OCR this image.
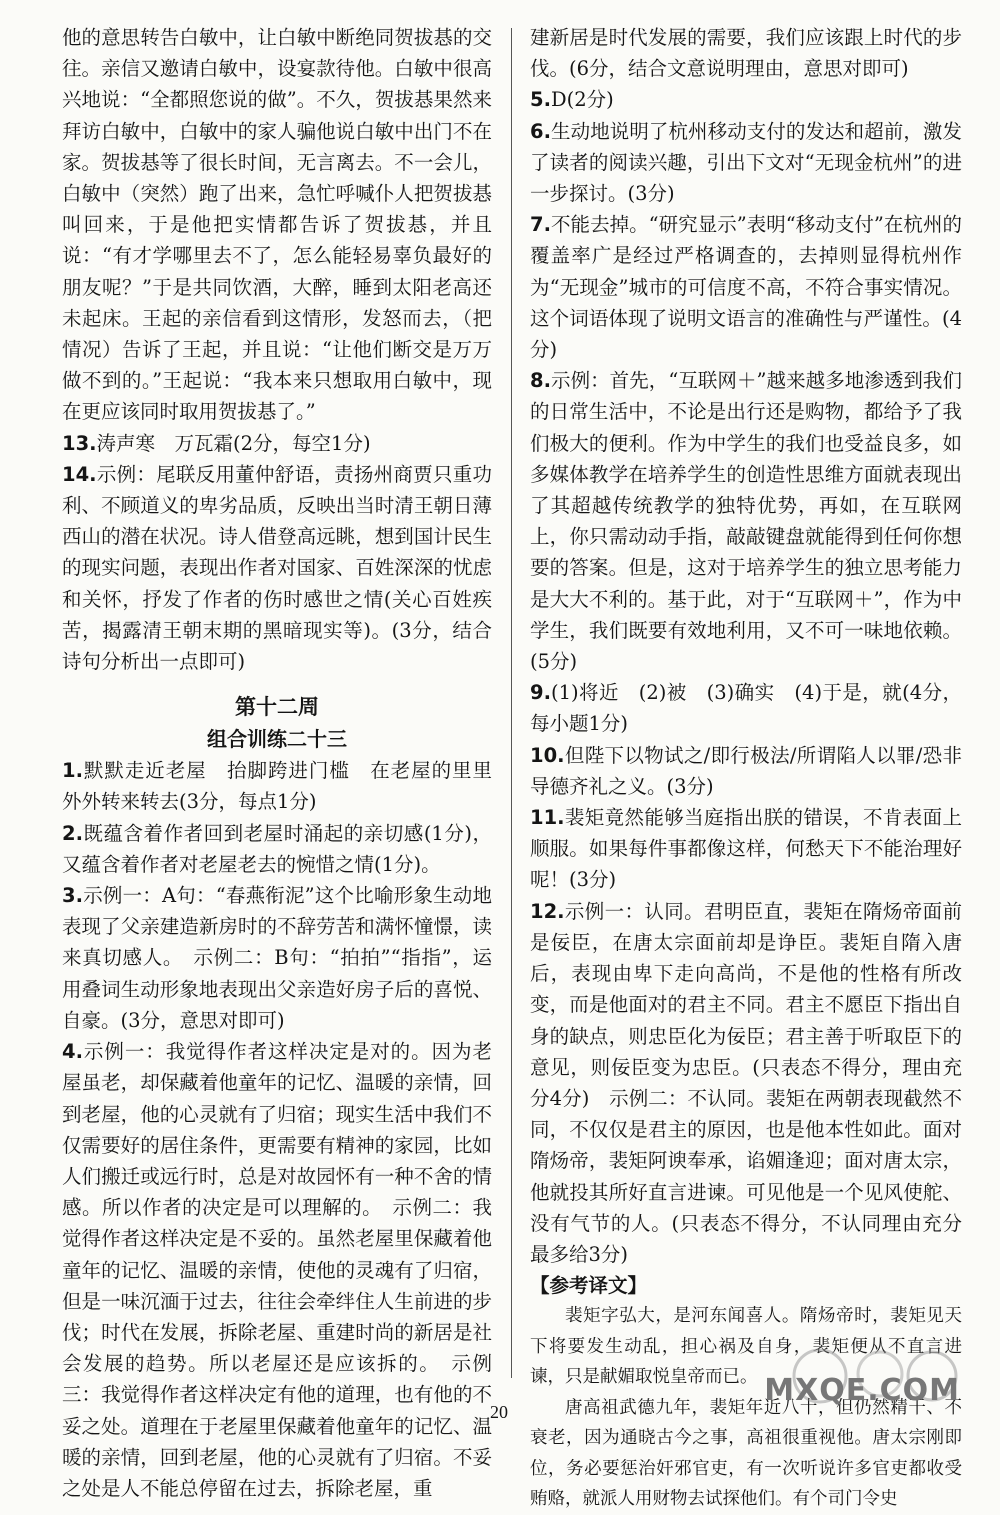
他的意思转告白敏中，让白敏中断绝同贺拔惎的交往。亲信又邀请白敏中，设宴款待他。白敏中很高兴地说：“全都照您说的做”。不久，贺拔惎果然来拜访白敏中，白敏中的家人骗他说白敏中出门不在家。贺拔惎等了很长时间，无言离去。不一会儿，白敏中（突然）跑了出来，急忙呼喊仆人把贺拔惎叫回来，于是他把实情都告诉了贺拔惎，并且说：“有才学哪里去不了，怎么能轻易辜负最好的朋友呢？”于是共同饮酒，大醉，睡到太阳老高还未起床。王起的亲信看到这情形，发怒而去，（把情况）告诉了王起，并且说：“让他们断交是万万做不到的。”王起说：“我本来只想取用白敏中，现在更应该同时取用贺拔惎了。”

13.涛声寒　万瓦霜(2分，每空1分)

14.示例：尾联反用董仲舒语，责扬州商贾只重功利、不顾道义的卑劣品质，反映出当时清王朝日薄西山的潜在状况。诗人借登高远眺，想到国计民生的现实问题，表现出作者对国家、百姓深深的忧虑和关怀，抒发了作者的伤时感世之情(关心百姓疾苦，揭露清王朝末期的黑暗现实等)。(3分，结合诗句分析出一点即可)

第十二周

组合训练二十三

1.默默走近老屋　抬脚跨进门槛　在老屋的里里外外转来转去(3分，每点1分)

2.既蕴含着作者回到老屋时涌起的亲切感(1分)，又蕴含着作者对老屋老去的惋惜之情(1分)。

3.示例一：A句：“春燕衔泥”这个比喻形象生动地表现了父亲建造新房时的不辞劳苦和满怀憧憬，读来真切感人。　示例二：B句：“拍拍”“指指”，运用叠词生动形象地表现出父亲造好房子后的喜悦、自豪。(3分，意思对即可)

4.示例一：我觉得作者这样决定是对的。因为老屋虽老，却保藏着他童年的记忆、温暖的亲情，回到老屋，他的心灵就有了归宿；现实生活中我们不仅需要好的居住条件，更需要有精神的家园，比如人们搬迁或远行时，总是对故园怀有一种不舍的情感。所以作者的决定是可以理解的。　示例二：我觉得作者这样决定是不妥的。虽然老屋里保藏着他童年的记忆、温暖的亲情，使他的灵魂有了归宿，但是一味沉湎于过去，往往会牵绊住人生前进的步伐；时代在发展，拆除老屋、重建时尚的新居是社会发展的趋势。所以老屋还是应该拆的。　示例三：我觉得作者这样决定有他的道理，也有他的不妥之处。道理在于老屋里保藏着他童年的记忆、温暖的亲情，回到老屋，他的心灵就有了归宿。不妥之处是人不能总停留在过去，拆除老屋，重

建新居是时代发展的需要，我们应该跟上时代的步伐。(6分，结合文意说明理由，意思对即可)

5.D(2分)

6.生动地说明了杭州移动支付的发达和超前，激发了读者的阅读兴趣，引出下文对“无现金杭州”的进一步探讨。(3分)

7.不能去掉。“研究显示”表明“移动支付”在杭州的覆盖率广是经过严格调查的，去掉则显得杭州作为“无现金”城市的可信度不高，不符合事实情况。这个词语体现了说明文语言的准确性与严谨性。(4分)

8.示例：首先，“互联网＋”越来越多地渗透到我们的日常生活中，不论是出行还是购物，都给予了我们极大的便利。作为中学生的我们也受益良多，如多媒体教学在培养学生的创造性思维方面就表现出了其超越传统教学的独特优势，再如，在互联网上，你只需动动手指，敲敲键盘就能得到任何你想要的答案。但是，这对于培养学生的独立思考能力是大大不利的。基于此，对于“互联网＋”，作为中学生，我们既要有效地利用，又不可一味地依赖。(5分)

9.(1)将近　(2)被　(3)确实　(4)于是，就(4分，每小题1分)

10.但陛下以物试之/即行极法/所谓陷人以罪/恐非导德齐礼之义。(3分)

11.裴矩竟然能够当庭指出朕的错误，不肯表面上顺服。如果每件事都像这样，何愁天下不能治理好呢！(3分)

12.示例一：认同。君明臣直，裴矩在隋炀帝面前是佞臣，在唐太宗面前却是诤臣。裴矩自隋入唐后，表现由卑下走向高尚，不是他的性格有所改变，而是他面对的君主不同。君主不愿臣下指出自身的缺点，则忠臣化为佞臣；君主善于听取臣下的意见，则佞臣变为忠臣。(只表态不得分，理由充分4分)　示例二：不认同。裴矩在两朝表现截然不同，不仅仅是君主的原因，也是他本性如此。面对隋炀帝，裴矩阿谀奉承，谄媚逢迎；面对唐太宗，他就投其所好直言进谏。可见他是一个见风使舵、没有气节的人。(只表态不得分，不认同理由充分最多给3分)

【参考译文】

裴矩字弘大，是河东闻喜人。隋炀帝时，裴矩见天下将要发生动乱，担心祸及自身，裴矩便从不直言进谏，只是献媚取悦皇帝而已。

唐高祖武德九年，裴矩年近八十，但仍然精干、不衰老，因为通晓古今之事，高祖很重视他。唐太宗刚即位，务必要惩治奸邪官吏，有一次听说许多官吏都收受贿赂，就派人用财物去试探他们。有个司门令史

20
MXQE.COM
